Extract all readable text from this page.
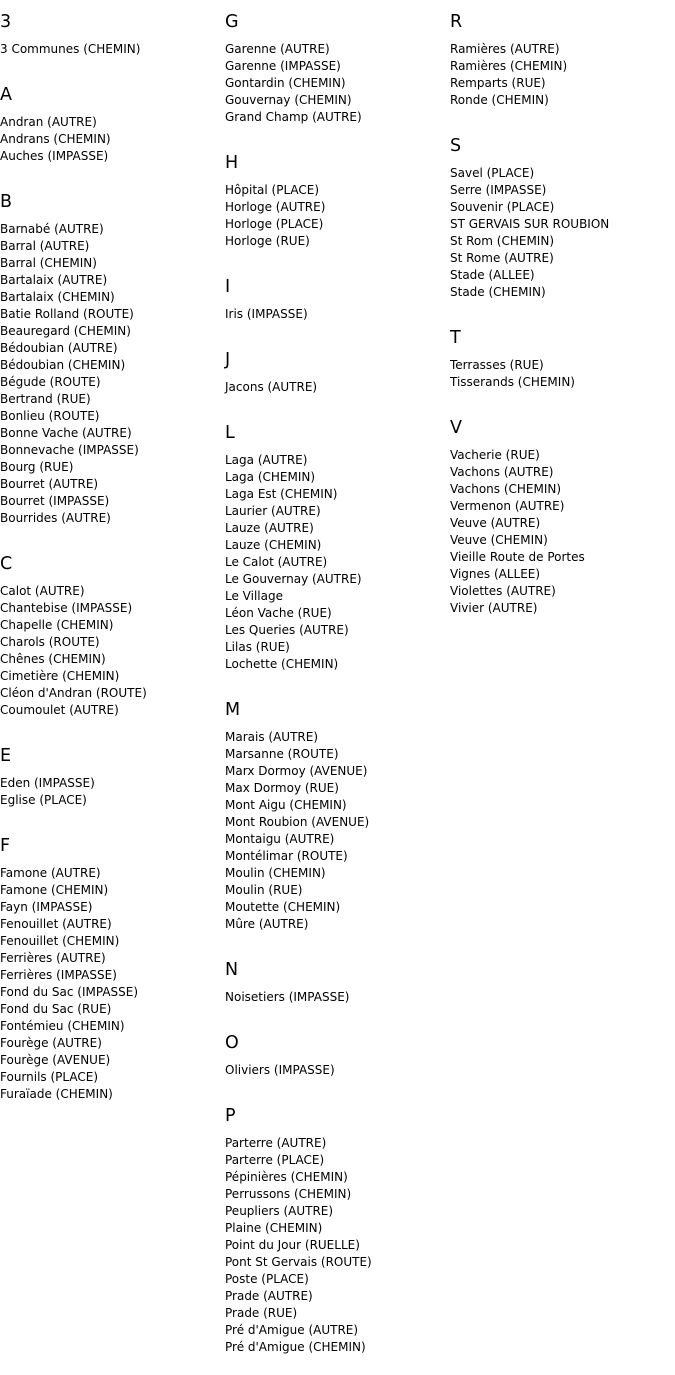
3
3 Communes (CHEMIN)
A
Andran (AUTRE)
Andrans (CHEMIN)
Auches (IMPASSE)
B
Barnabé (AUTRE)
Barral (AUTRE)
Barral (CHEMIN)
Bartalaix (AUTRE)
Bartalaix (CHEMIN)
Batie Rolland (ROUTE)
Beauregard (CHEMIN)
Bédoubian (AUTRE)
Bédoubian (CHEMIN)
Bégude (ROUTE)
Bertrand (RUE)
Bonlieu (ROUTE)
Bonne Vache (AUTRE)
Bonnevache (IMPASSE)
Bourg (RUE)
Bourret (AUTRE)
Bourret (IMPASSE)
Bourrides (AUTRE)
C
Calot (AUTRE)
Chantebise (IMPASSE)
Chapelle (CHEMIN)
Charols (ROUTE)
Chênes (CHEMIN)
Cimetière (CHEMIN)
Cléon d'Andran (ROUTE)
Coumoulet (AUTRE)
E
Eden (IMPASSE)
Eglise (PLACE)
F
Famone (AUTRE)
Famone (CHEMIN)
Fayn (IMPASSE)
Fenouillet (AUTRE)
Fenouillet (CHEMIN)
Ferrières (AUTRE)
Ferrières (IMPASSE)
Fond du Sac (IMPASSE)
Fond du Sac (RUE)
Fontémieu (CHEMIN)
Fourège (AUTRE)
Fourège (AVENUE)
Fournils (PLACE)
Furaïade (CHEMIN)
G
Garenne (AUTRE)
Garenne (IMPASSE)
Gontardin (CHEMIN)
Gouvernay (CHEMIN)
Grand Champ (AUTRE)
H
Hôpital (PLACE)
Horloge (AUTRE)
Horloge (PLACE)
Horloge (RUE)
I
Iris (IMPASSE)
J
Jacons (AUTRE)
L
Laga (AUTRE)
Laga (CHEMIN)
Laga Est (CHEMIN)
Laurier (AUTRE)
Lauze (AUTRE)
Lauze (CHEMIN)
Le Calot (AUTRE)
Le Gouvernay (AUTRE)
Le Village
Léon Vache (RUE)
Les Queries (AUTRE)
Lilas (RUE)
Lochette (CHEMIN)
M
Marais (AUTRE)
Marsanne (ROUTE)
Marx Dormoy (AVENUE)
Max Dormoy (RUE)
Mont Aigu (CHEMIN)
Mont Roubion (AVENUE)
Montaigu (AUTRE)
Montélimar (ROUTE)
Moulin (CHEMIN)
Moulin (RUE)
Moutette (CHEMIN)
Mûre (AUTRE)
N
Noisetiers (IMPASSE)
O
Oliviers (IMPASSE)
P
Parterre (AUTRE)
Parterre (PLACE)
Pépinières (CHEMIN)
Perrussons (CHEMIN)
Peupliers (AUTRE)
Plaine (CHEMIN)
Point du Jour (RUELLE)
Pont St Gervais (ROUTE)
Poste (PLACE)
Prade (AUTRE)
Prade (RUE)
Pré d'Amigue (AUTRE)
Pré d'Amigue (CHEMIN)
R
Ramières (AUTRE)
Ramières (CHEMIN)
Remparts (RUE)
Ronde (CHEMIN)
S
Savel (PLACE)
Serre (IMPASSE)
Souvenir (PLACE)
ST GERVAIS SUR ROUBION
St Rom (CHEMIN)
St Rome (AUTRE)
Stade (ALLEE)
Stade (CHEMIN)
T
Terrasses (RUE)
Tisserands (CHEMIN)
V
Vacherie (RUE)
Vachons (AUTRE)
Vachons (CHEMIN)
Vermenon (AUTRE)
Veuve (AUTRE)
Veuve (CHEMIN)
Vieille Route de Portes
Vignes (ALLEE)
Violettes (AUTRE)
Vivier (AUTRE)
